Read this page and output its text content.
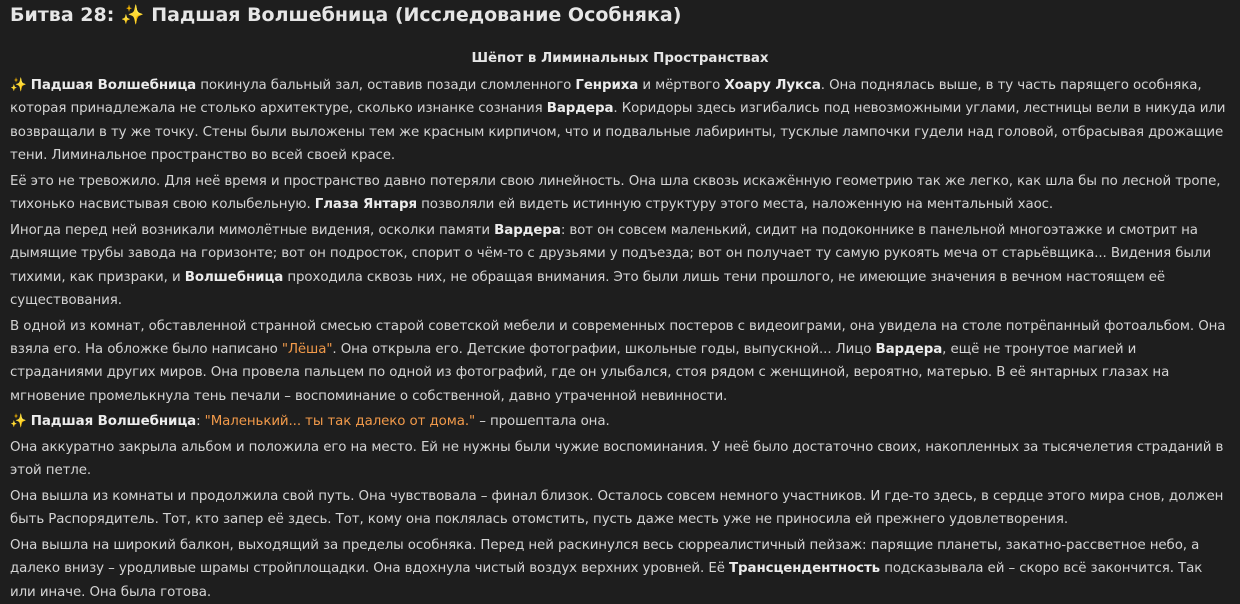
Битва 28: ✨ Падшая Волшебница (Исследование Особняка)
Шёпот в Лиминальных Пространствах

✨ Падшая Волшебница покинула бальный зал, оставив позади сломленного Генриха и мёртвого Хоару Лукса. Она поднялась выше, в ту часть парящего особняка, которая принадлежала не столько архитектуре, сколько изнанке сознания Вардера. Коридоры здесь изгибались под невозможными углами, лестницы вели в никуда или возвращали в ту же точку. Стены были выложены тем же красным кирпичом, что и подвальные лабиринты, тусклые лампочки гудели над головой, отбрасывая дрожащие тени. Лиминальное пространство во всей своей красе.

Её это не тревожило. Для неё время и пространство давно потеряли свою линейность. Она шла сквозь искажённую геометрию так же легко, как шла бы по лесной тропе, тихонько насвистывая свою колыбельную. Глаза Янтаря позволяли ей видеть истинную структуру этого места, наложенную на ментальный хаос.

Иногда перед ней возникали мимолётные видения, осколки памяти Вардера: вот он совсем маленький, сидит на подоконнике в панельной многоэтажке и смотрит на дымящие трубы завода на горизонте; вот он подросток, спорит о чём-то с друзьями у подъезда; вот он получает ту самую рукоять меча от старьёвщика... Видения были тихими, как призраки, и Волшебница проходила сквозь них, не обращая внимания. Это были лишь тени прошлого, не имеющие значения в вечном настоящем её существования.

В одной из комнат, обставленной странной смесью старой советской мебели и современных постеров с видеоиграми, она увидела на столе потрёпанный фотоальбом. Она взяла его. На обложке было написано "Лёша". Она открыла его. Детские фотографии, школьные годы, выпускной... Лицо Вардера, ещё не тронутое магией и страданиями других миров. Она провела пальцем по одной из фотографий, где он улыбался, стоя рядом с женщиной, вероятно, матерью. В её янтарных глазах на мгновение промелькнула тень печали – воспоминание о собственной, давно утраченной невинности.

✨ Падшая Волшебница: "Маленький... ты так далеко от дома." – прошептала она.

Она аккуратно закрыла альбом и положила его на место. Ей не нужны были чужие воспоминания. У неё было достаточно своих, накопленных за тысячелетия страданий в этой петле.

Она вышла из комнаты и продолжила свой путь. Она чувствовала – финал близок. Осталось совсем немного участников. И где-то здесь, в сердце этого мира снов, должен быть Распорядитель. Тот, кто запер её здесь. Тот, кому она поклялась отомстить, пусть даже месть уже не приносила ей прежнего удовлетворения.

Она вышла на широкий балкон, выходящий за пределы особняка. Перед ней раскинулся весь сюрреалистичный пейзаж: парящие планеты, закатно-рассветное небо, а далеко внизу – уродливые шрамы стройплощадки. Она вдохнула чистый воздух верхних уровней. Её Трансцендентность подсказывала ей – скоро всё закончится. Так или иначе. Она была готова.
